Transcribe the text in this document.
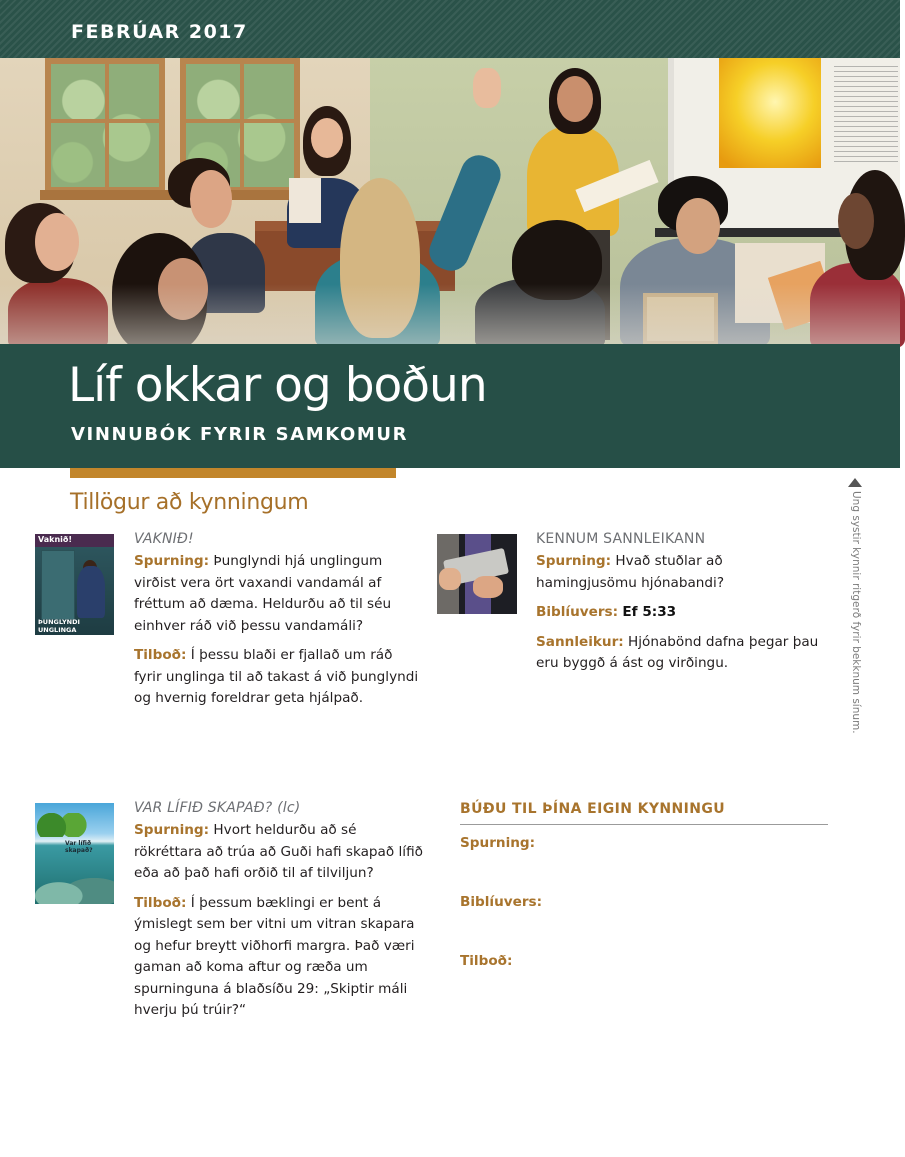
FEBRÚAR 2017
Líf okkar og boðun
VINNUBÓK FYRIR SAMKOMUR
Tillögur að kynningum	Ung systir kynnir ritgerð fyrir bekknum sínum.
Vaknið!
ÞUNGLYNDI UNGLINGA
Hvað er til ráða?
VAKNIÐ!
Spurning: Þunglyndi hjá unglingum virðist vera ört vaxandi vandamál af fréttum að dæma. Heldurðu að til séu einhver ráð við þessu vandamáli?
Tilboð: Í þessu blaði er fjallað um ráð fyrir unglinga til að takast á við þunglyndi og hvernig foreldrar geta hjálpað.
KENNUM SANNLEIKANN
Spurning: Hvað stuðlar að hamingjusömu hjónabandi?
Biblíuvers: Ef 5:33
Sannleikur: Hjónabönd dafna þegar þau eru byggð á ást og virðingu.
Var lífið skapað?
VAR LÍFIÐ SKAPAÐ? (lc)
Spurning: Hvort heldurðu að sé rökréttara að trúa að Guði hafi skapað lífið eða að það hafi orðið til af tilviljun?
Tilboð: Í þessum bæklingi er bent á ýmislegt sem ber vitni um vitran skapara og hefur breytt viðhorfi margra. Það væri gaman að koma aftur og ræða um spurninguna á blaðsíðu 29: „Skiptir máli hverju þú trúir?“
BÚÐU TIL ÞÍNA EIGIN KYNNINGU
Spurning:
Biblíuvers:
Tilboð:
